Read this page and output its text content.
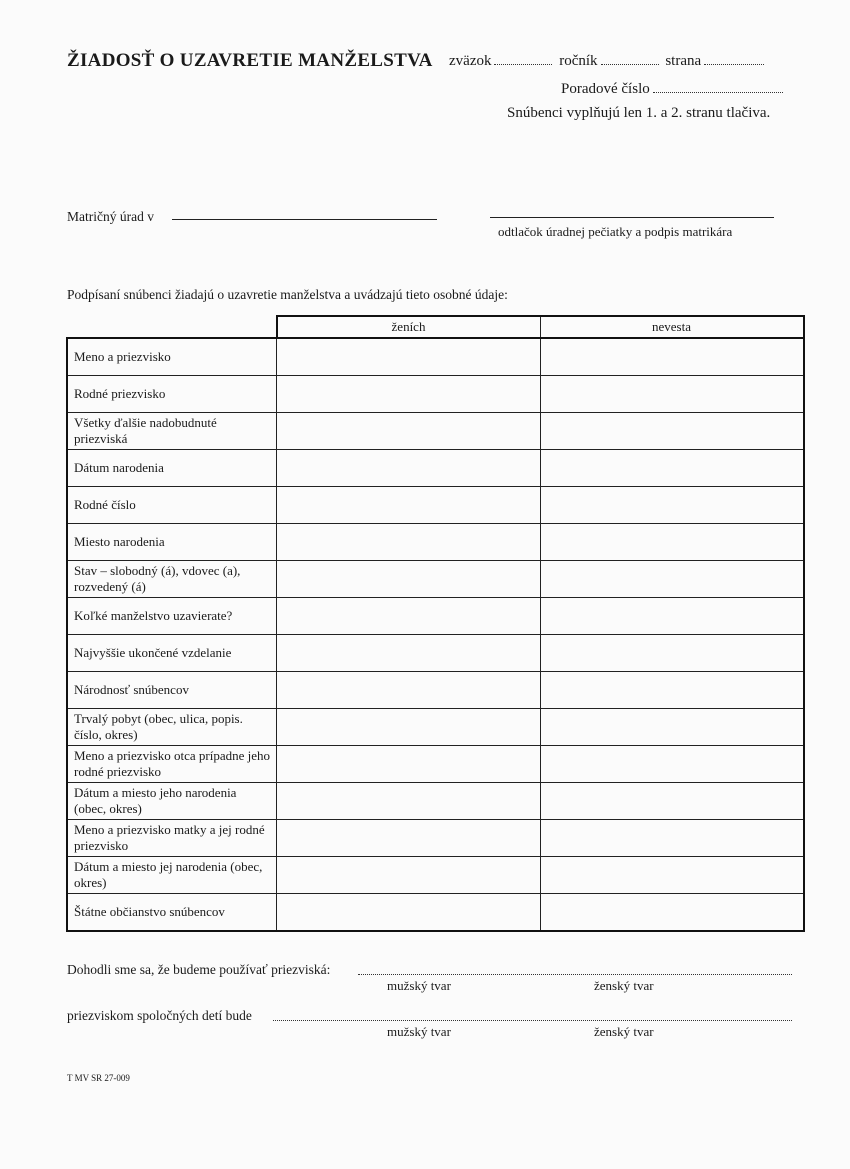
ŽIADOSŤ O UZAVRETIE MANŽELSTVA zväzok	ročník	strana
Poradové číslo
Snúbenci vyplňujú len 1. a 2. stranu tlačiva.
Matričný úrad v
odtlačok úradnej pečiatky a podpis matrikára
Podpísaní snúbenci žiadajú o uzavretie manželstva a uvádzajú tieto osobné údaje:
	ženích	nevesta
Meno a priezvisko		
Rodné priezvisko		
Všetky ďalšie nadobudnuté priezviská		
Dátum narodenia		
Rodné číslo		
Miesto narodenia		
Stav – slobodný (á), vdovec (a), rozvedený (á)		
Koľké manželstvo uzavierate?		
Najvyššie ukončené vzdelanie		
Národnosť snúbencov		
Trvalý pobyt (obec, ulica, popis. číslo, okres)		
Meno a priezvisko otca prípadne jeho rodné priezvisko		
Dátum a miesto jeho narodenia (obec, okres)		
Meno a priezvisko matky a jej rodné priezvisko		
Dátum a miesto jej narodenia (obec, okres)		
Štátne občianstvo snúbencov		
Dohodli sme sa, že budeme používať priezviská:
mužský tvar	ženský tvar
priezviskom spoločných detí bude
mužský tvar	ženský tvar
T MV SR 27-009
